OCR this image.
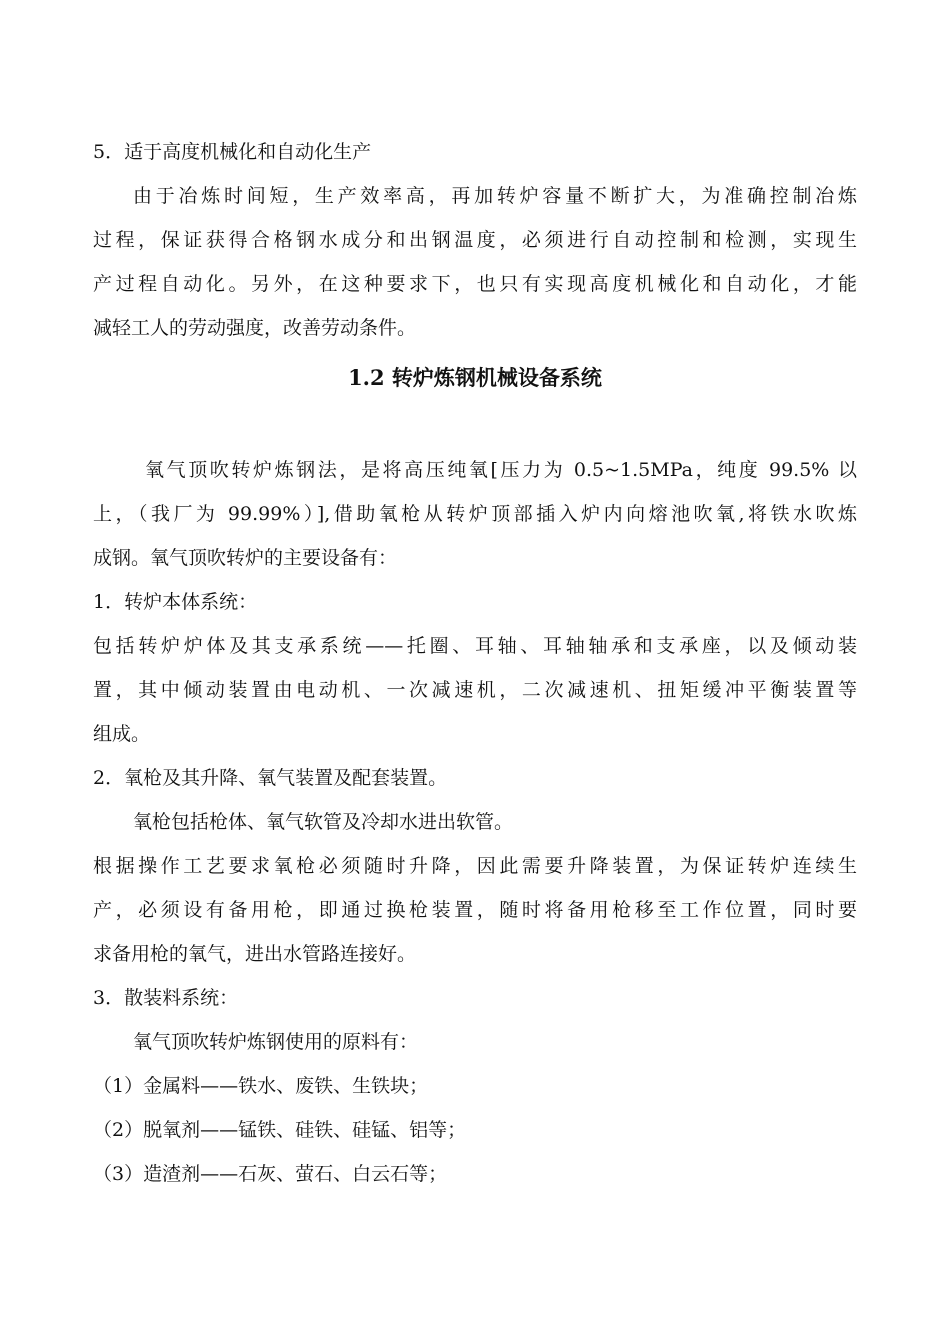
5．适于高度机械化和自动化生产
由于冶炼时间短，生产效率高，再加转炉容量不断扩大，为准确控制冶炼
过程，保证获得合格钢水成分和出钢温度，必须进行自动控制和检测，实现生
产过程自动化。另外，在这种要求下，也只有实现高度机械化和自动化，才能
减轻工人的劳动强度，改善劳动条件。
1.2 转炉炼钢机械设备系统
氧气顶吹转炉炼钢法，是将高压纯氧[压力为 0.5~1.5MPa，纯度 99.5% 以
上，（我厂为 99.99%）],借助氧枪从转炉顶部插入炉内向熔池吹氧,将铁水吹炼
成钢。氧气顶吹转炉的主要设备有：
1．转炉本体系统：
包括转炉炉体及其支承系统——托圈、耳轴、耳轴轴承和支承座，以及倾动装
置，其中倾动装置由电动机、一次减速机，二次减速机、扭矩缓冲平衡装置等
组成。
2．氧枪及其升降、氧气装置及配套装置。
氧枪包括枪体、氧气软管及冷却水进出软管。
根据操作工艺要求氧枪必须随时升降，因此需要升降装置，为保证转炉连续生
产，必须设有备用枪，即通过换枪装置，随时将备用枪移至工作位置，同时要
求备用枪的氧气，进出水管路连接好。
3．散装料系统：
氧气顶吹转炉炼钢使用的原料有：
（1）金属料——铁水、废铁、生铁块；
（2）脱氧剂——锰铁、硅铁、硅锰、铝等；
（3）造渣剂——石灰、萤石、白云石等；
